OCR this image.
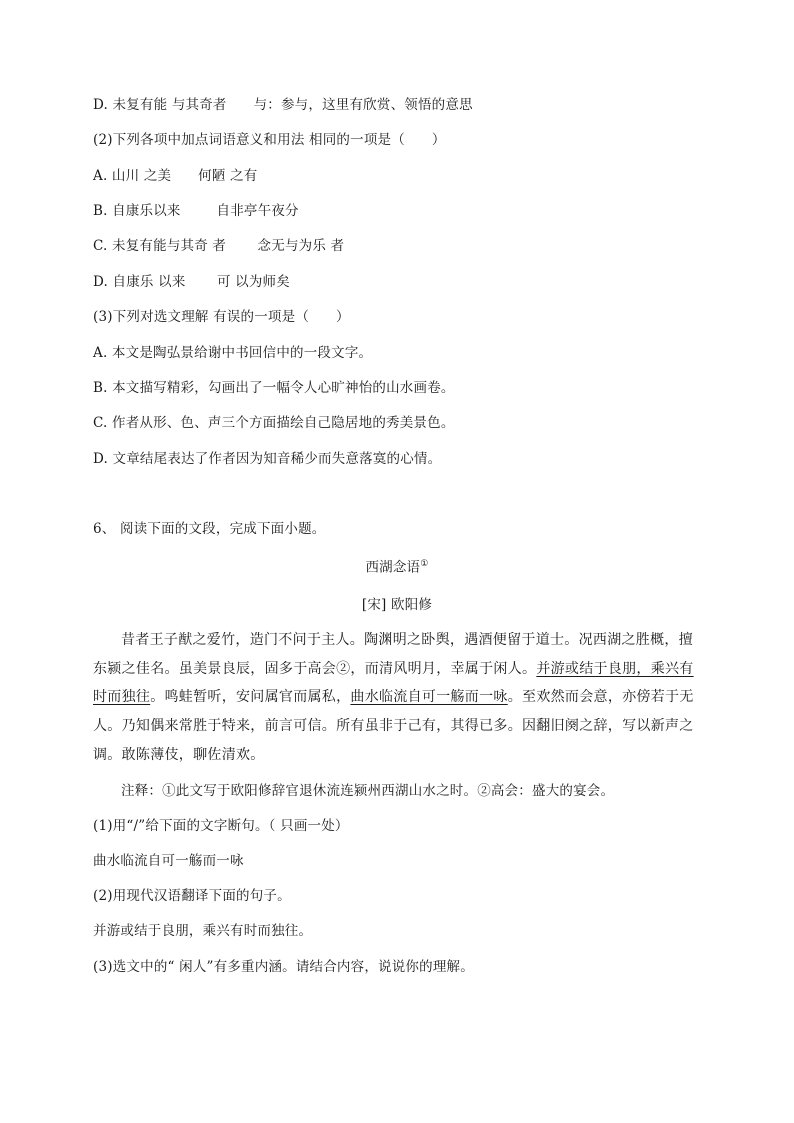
D. 未复有能 与其奇者      与：参与，这里有欣赏、领悟的意思
(2)下列各项中加点词语意义和用法 相同的一项是（      ）
A. 山川 之美      何陋 之有
B. 自康乐以来        自非亭午夜分
C. 未复有能与其奇 者       念无与为乐 者
D. 自康乐 以来       可 以为师矣
(3)下列对选文理解 有误的一项是（      ）
A. 本文是陶弘景给谢中书回信中的一段文字。
B. 本文描写精彩，勾画出了一幅令人心旷神怡的山水画卷。
C. 作者从形、色、声三个方面描绘自己隐居地的秀美景色。
D. 文章结尾表达了作者因为知音稀少而失意落寞的心情。
6、 阅读下面的文段，完成下面小题。
西湖念语①
[宋] 欧阳修
昔者王子猷之爱竹，造门不问于主人。陶渊明之卧舆，遇酒便留于道士。况西湖之胜概，擅东颍之佳名。虽美景良辰，固多于高会②，而清风明月，幸属于闲人。并游或结于良朋，乘兴有时而独往。鸣蛙暂听，安问属官而属私，曲水临流自可一觞而一咏。至欢然而会意，亦傍若于无人。乃知偶来常胜于特来，前言可信。所有虽非于己有，其得已多。因翻旧阕之辞，写以新声之调。敢陈薄伎，聊佐清欢。
注释：①此文写于欧阳修辞官退休流连颍州西湖山水之时。②高会：盛大的宴会。
(1)用“/”给下面的文字断句。（ 只画一处）
曲水临流自可一觞而一咏
(2)用现代汉语翻译下面的句子。
并游或结于良朋，乘兴有时而独往。
(3)选文中的“ 闲人”有多重内涵。请结合内容，说说你的理解。
